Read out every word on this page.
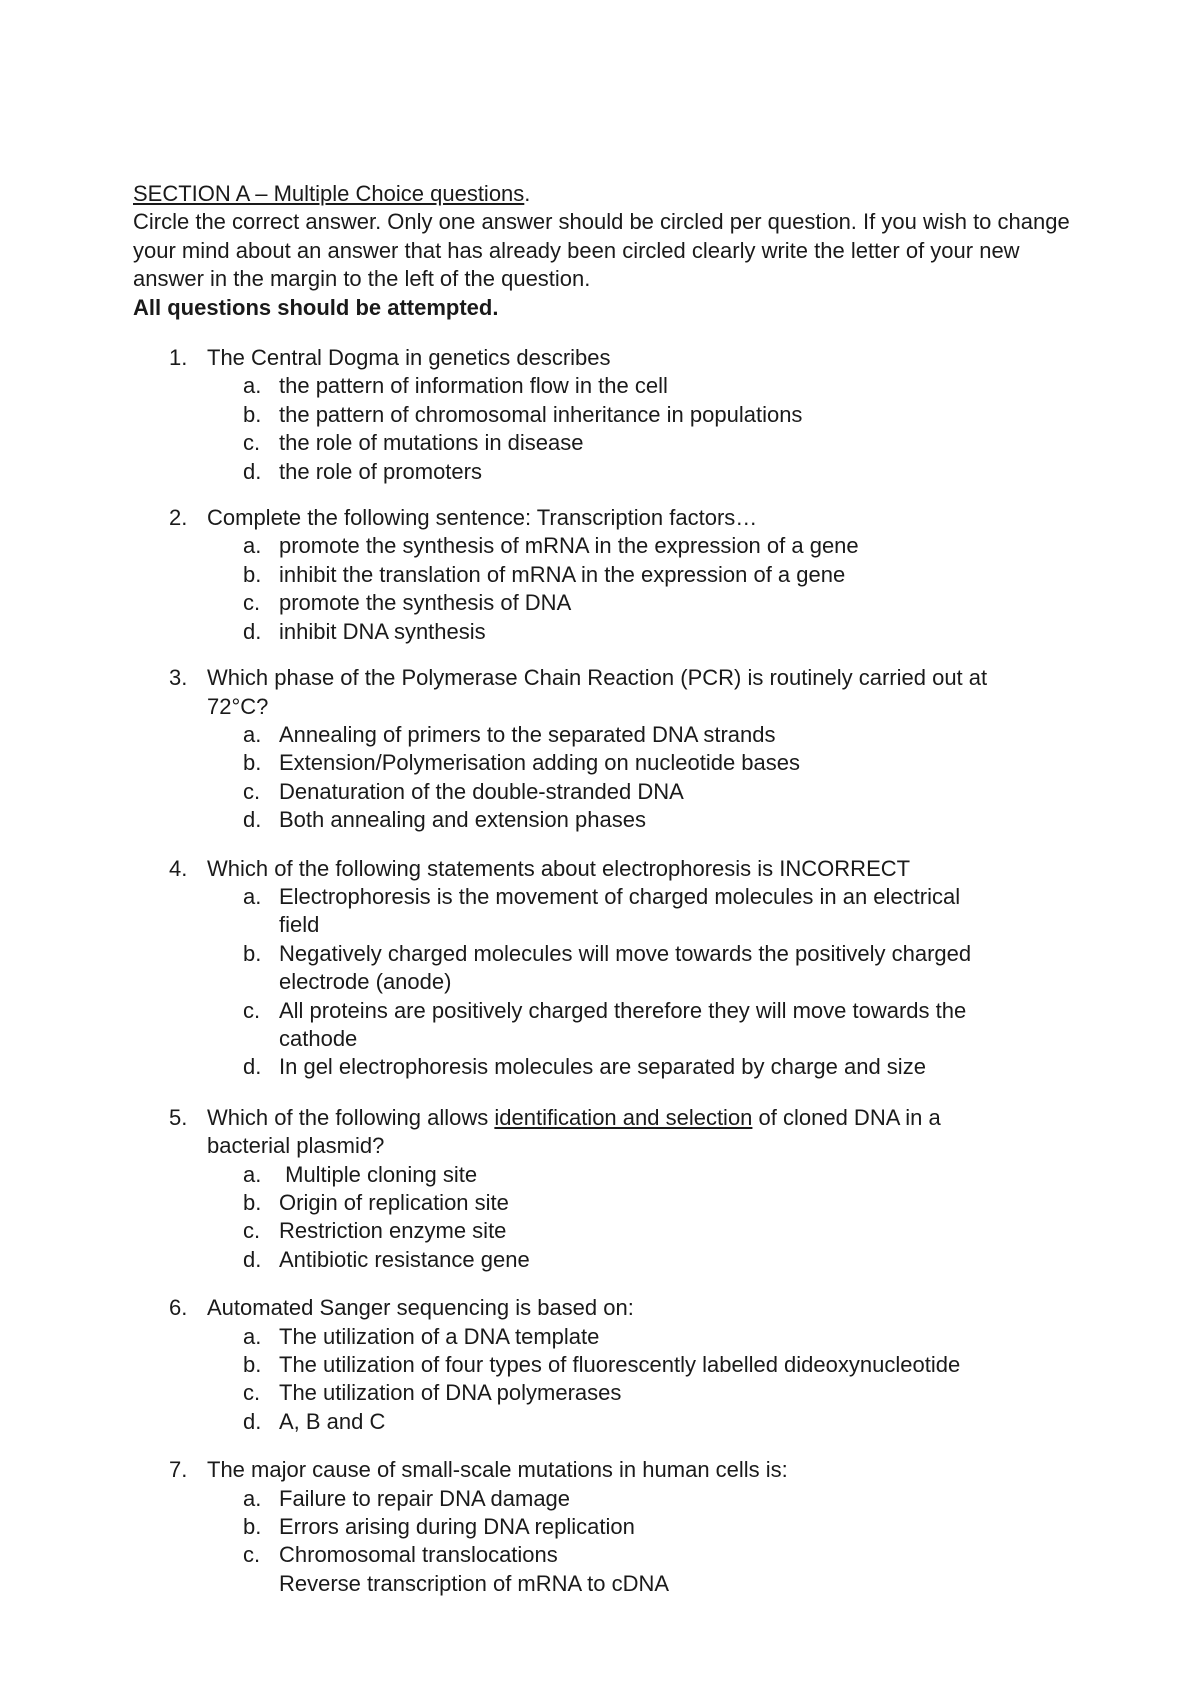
SECTION A – Multiple Choice questions.
Circle the correct answer. Only one answer should be circled per question. If you wish to change your mind about an answer that has already been circled clearly write the letter of your new answer in the margin to the left of the question.
All questions should be attempted.
1. The Central Dogma in genetics describes
a. the pattern of information flow in the cell
b. the pattern of chromosomal inheritance in populations
c. the role of mutations in disease
d. the role of promoters
2. Complete the following sentence: Transcription factors…
a. promote the synthesis of mRNA in the expression of a gene
b. inhibit the translation of mRNA in the expression of a gene
c. promote the synthesis of DNA
d. inhibit DNA synthesis
3. Which phase of the Polymerase Chain Reaction (PCR) is routinely carried out at 72°C?
a. Annealing of primers to the separated DNA strands
b. Extension/Polymerisation adding on nucleotide bases
c. Denaturation of the double-stranded DNA
d. Both annealing and extension phases
4. Which of the following statements about electrophoresis is INCORRECT
a. Electrophoresis is the movement of charged molecules in an electrical field
b. Negatively charged molecules will move towards the positively charged electrode (anode)
c. All proteins are positively charged therefore they will move towards the cathode
d. In gel electrophoresis molecules are separated by charge and size
5. Which of the following allows identification and selection of cloned DNA in a bacterial plasmid?
a. Multiple cloning site
b. Origin of replication site
c. Restriction enzyme site
d. Antibiotic resistance gene
6. Automated Sanger sequencing is based on:
a. The utilization of a DNA template
b. The utilization of four types of fluorescently labelled dideoxynucleotide
c. The utilization of DNA polymerases
d. A, B and C
7. The major cause of small-scale mutations in human cells is:
a. Failure to repair DNA damage
b. Errors arising during DNA replication
c. Chromosomal translocations
Reverse transcription of mRNA to cDNA
